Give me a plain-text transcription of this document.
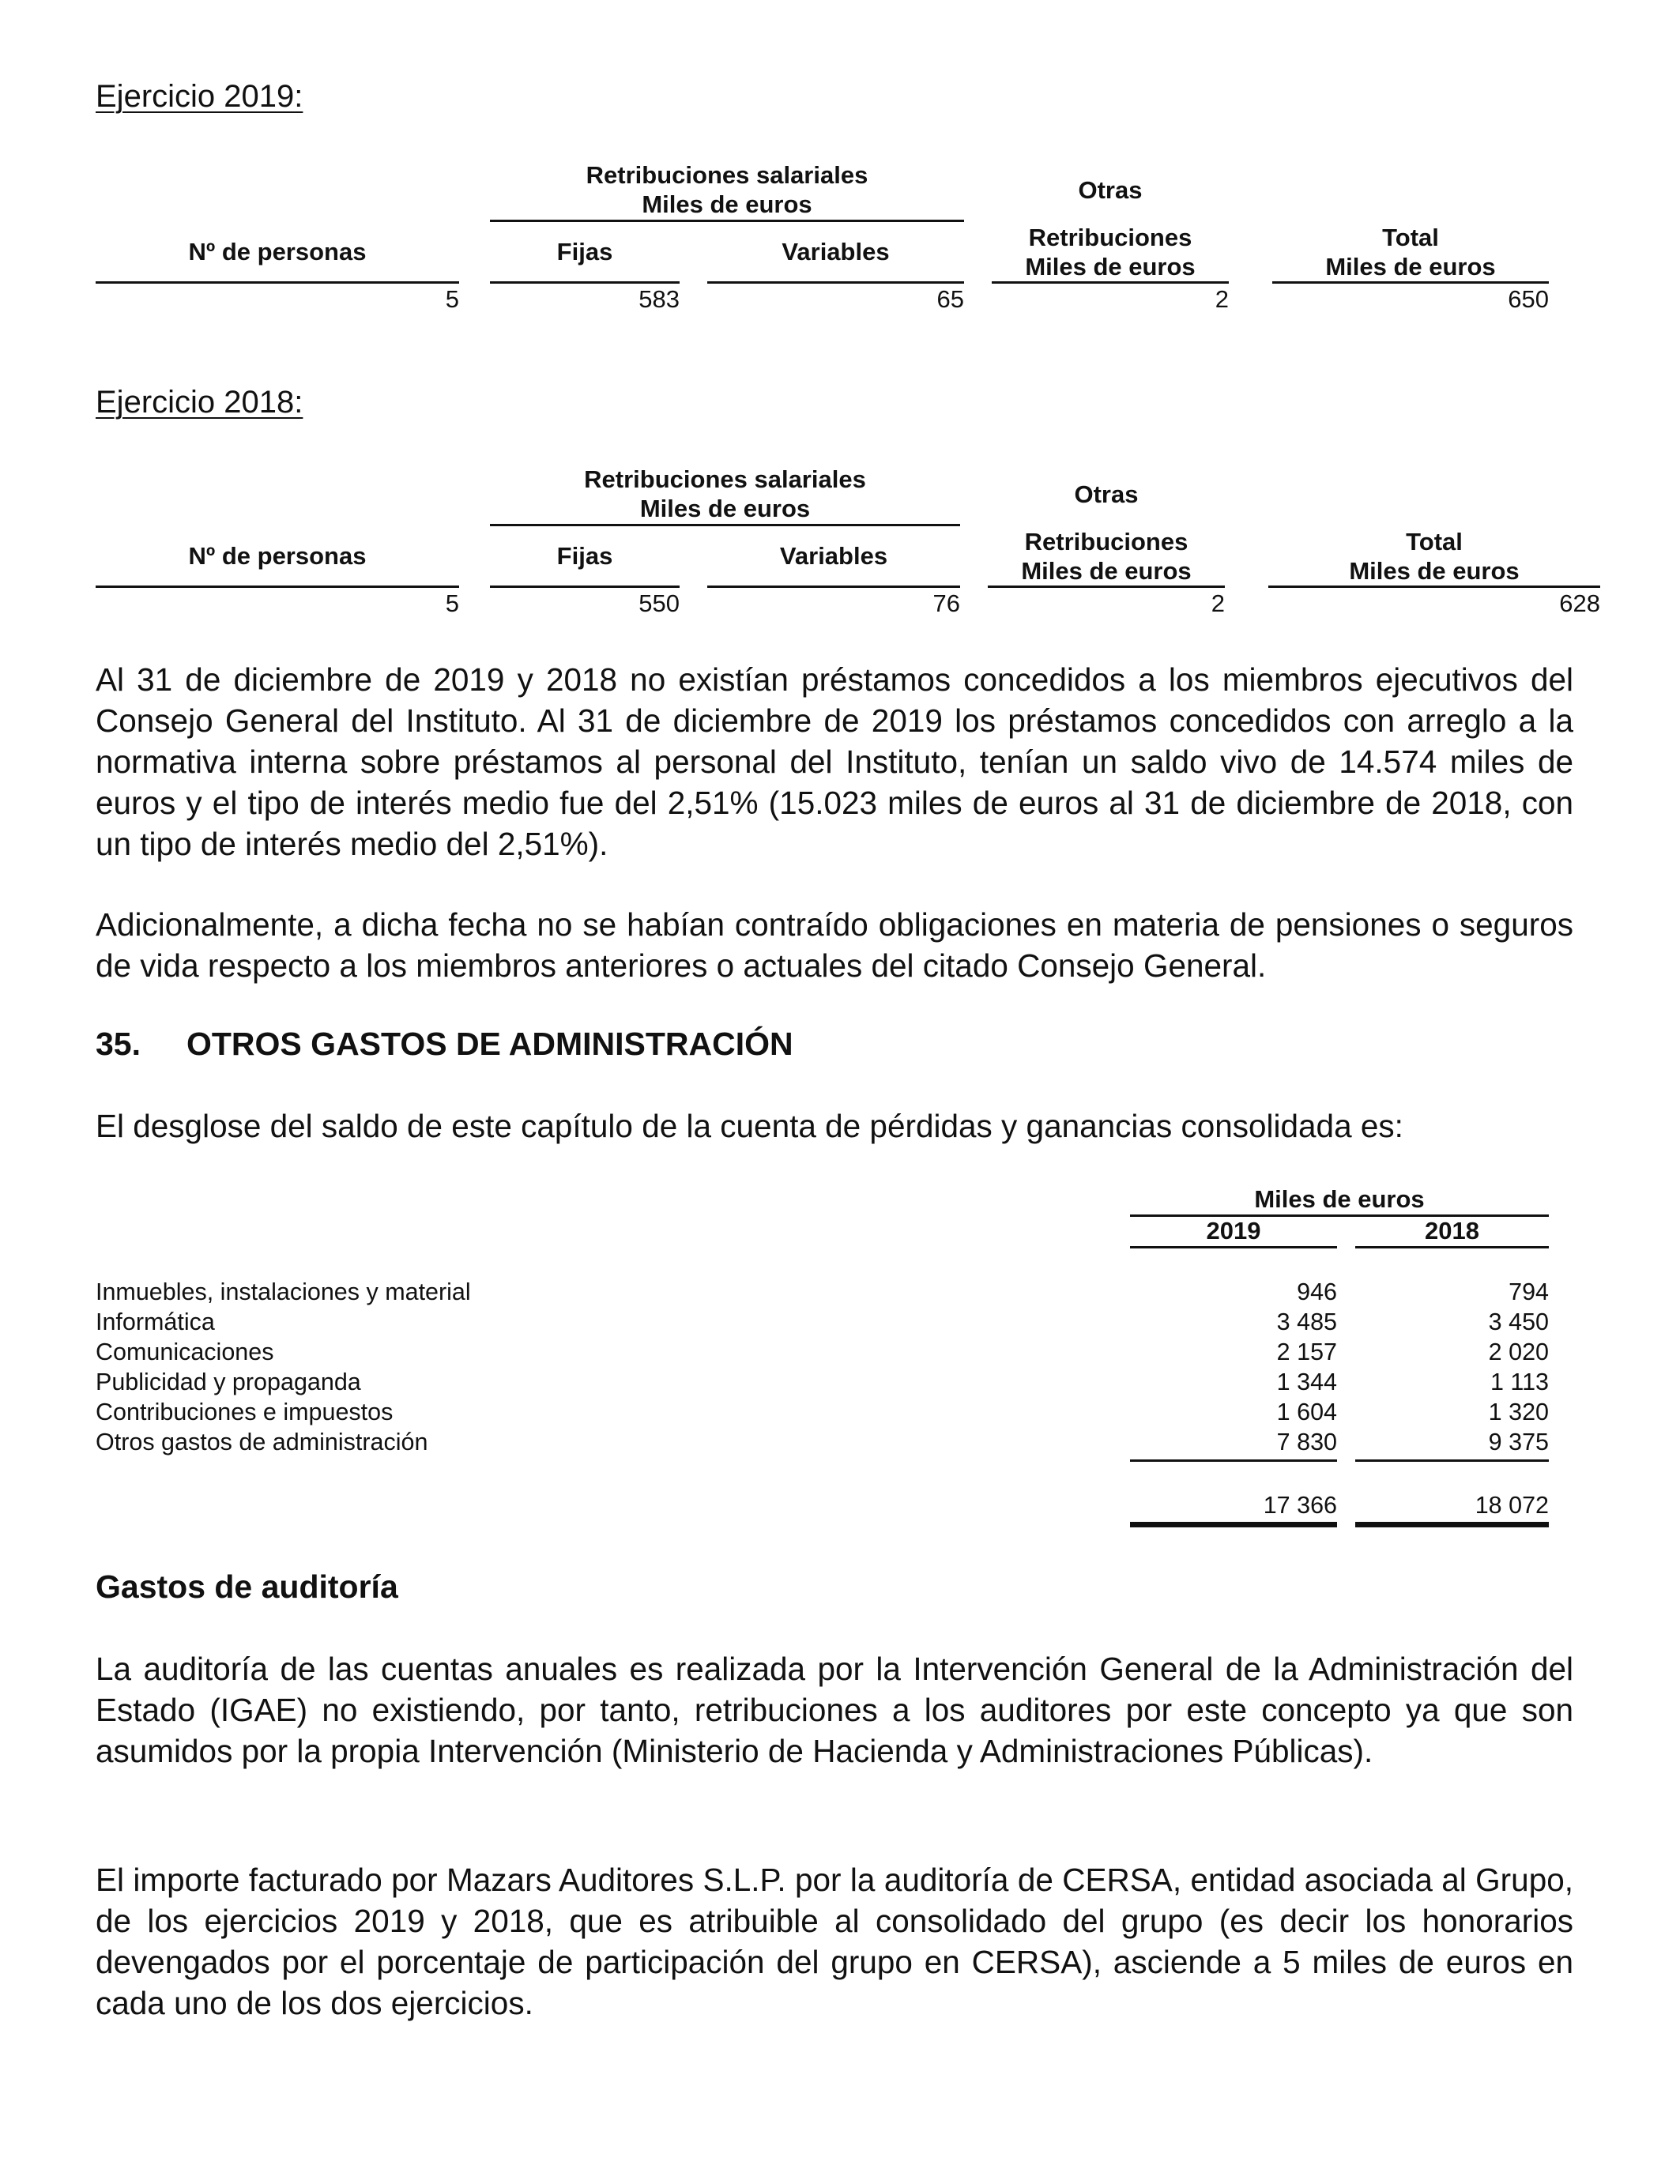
Ejercicio 2019:
Retribuciones salariales
Miles de euros
Otras
Nº de personas	Fijas	Variables
Retribuciones
Miles de euros
Total
Miles de euros
5	583	65	2	650
Ejercicio 2018:
Retribuciones salariales
Miles de euros
Otras
Nº de personas	Fijas	Variables
Retribuciones
Miles de euros
Total
Miles de euros
5	550	76	2	628
Al 31 de diciembre de 2019 y 2018 no existían préstamos concedidos a los miembros ejecutivos del Consejo General del Instituto. Al 31 de diciembre de 2019 los préstamos concedidos con arreglo a la normativa interna sobre préstamos al personal del Instituto, tenían un saldo vivo de 14.574 miles de euros y el tipo de interés medio fue del 2,51% (15.023 miles de euros al 31 de diciembre de 2018, con un tipo de interés medio del 2,51%).
Adicionalmente, a dicha fecha no se habían contraído obligaciones en materia de pensiones o seguros de vida respecto a los miembros anteriores o actuales del citado Consejo General.
35. OTROS GASTOS DE ADMINISTRACIÓN
El desglose del saldo de este capítulo de la cuenta de pérdidas y ganancias consolidada es:
Miles de euros
2019	2018
Inmuebles, instalaciones y material	946	794
Informática	3 485	3 450
Comunicaciones	2 157	2 020
Publicidad y propaganda	1 344	1 113
Contribuciones e impuestos	1 604	1 320
Otros gastos de administración	7 830	9 375
17 366	18 072
Gastos de auditoría
La auditoría de las cuentas anuales es realizada por la Intervención General de la Administración del Estado (IGAE) no existiendo, por tanto, retribuciones a los auditores por este concepto ya que son asumidos por la propia Intervención (Ministerio de Hacienda y Administraciones Públicas).
El importe facturado por Mazars Auditores S.L.P. por la auditoría de CERSA, entidad asociada al Grupo, de los ejercicios 2019 y 2018, que es atribuible al consolidado del grupo (es decir los honorarios devengados por el porcentaje de participación del grupo en CERSA), asciende a 5 miles de euros en cada uno de los dos ejercicios.
